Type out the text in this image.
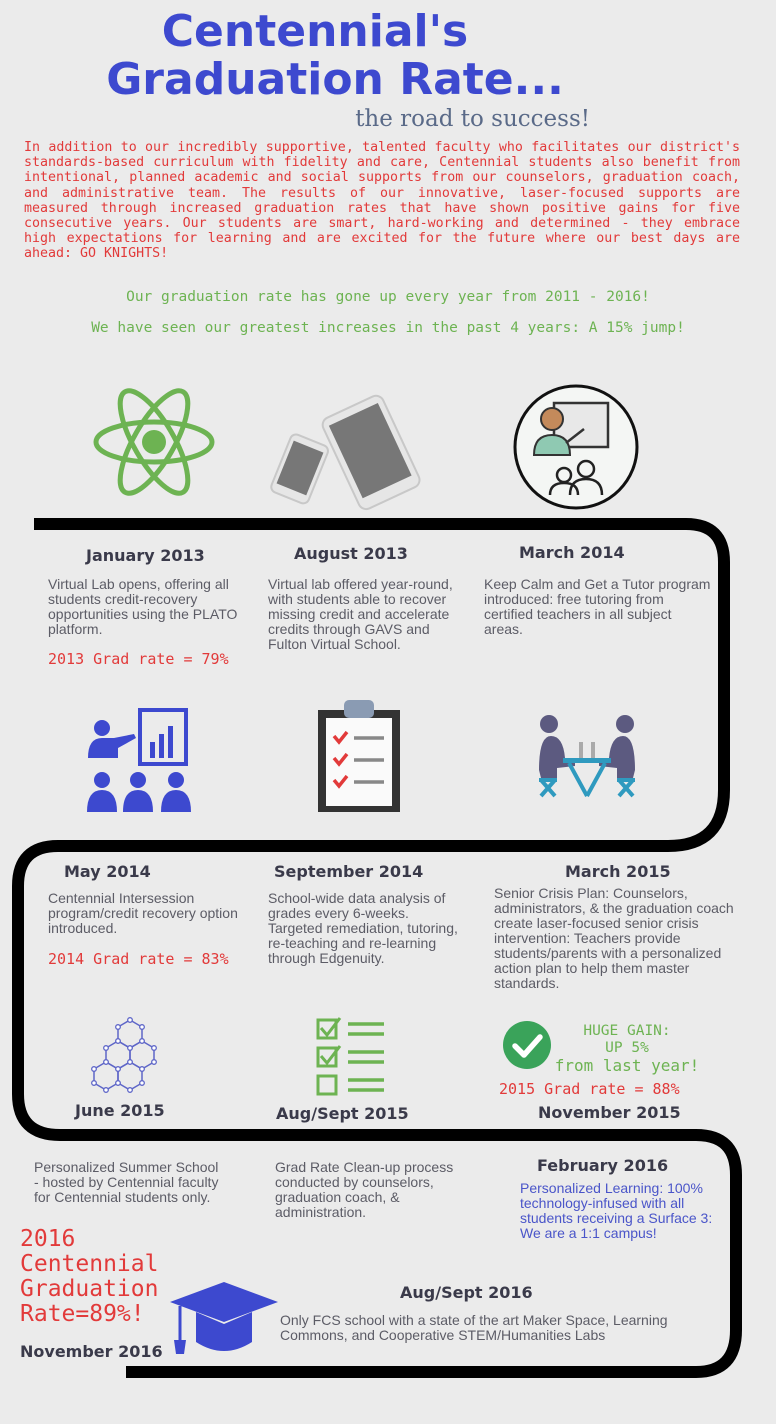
Centennial's
Graduation Rate...
the road to success!
In addition to our incredibly supportive, talented faculty who facilitates our district's standards-based curriculum with fidelity and care, Centennial students also benefit from intentional, planned academic and social supports from our counselors, graduation coach, and administrative team. The results of our innovative, laser-focused supports are measured through increased graduation rates that have shown positive gains for five consecutive years. Our students are smart, hard-working and determined - they embrace high expectations for learning and are excited for the future where our best days are ahead: GO KNIGHTS!
Our graduation rate has gone up every year from 2011 - 2016!
We have seen our greatest increases in the past 4 years: A 15% jump!
January 2013
Virtual Lab opens, offering all students credit-recovery opportunities using the PLATO platform.
2013 Grad rate = 79%
August 2013
Virtual lab offered year-round, with students able to recover missing credit and accelerate credits through GAVS and Fulton Virtual School.
March 2014
Keep Calm and Get a Tutor program introduced: free tutoring from certified teachers in all subject areas.
May 2014
Centennial Intersession program/credit recovery option introduced.
2014 Grad rate = 83%
September 2014
School-wide data analysis of grades every 6-weeks. Targeted remediation, tutoring, re-teaching and re-learning through Edgenuity.
March 2015
Senior Crisis Plan: Counselors, administrators, & the graduation coach create laser-focused senior crisis intervention: Teachers provide students/parents with a personalized action plan to help them master standards.
HUGE GAIN:
UP 5%
from last year!
2015 Grad rate = 88%
June 2015	Aug/Sept 2015	November 2015
Personalized Summer School - hosted by Centennial faculty for Centennial students only.
Grad Rate Clean-up process conducted by counselors, graduation coach, & administration.
February 2016
Personalized Learning: 100% technology-infused with all students receiving a Surface 3:
We are a 1:1 campus!
2016
Centennial
Graduation
Rate=89%!
Aug/Sept 2016
Only FCS school with a state of the art Maker Space, Learning Commons, and Cooperative STEM/Humanities Labs
November 2016
